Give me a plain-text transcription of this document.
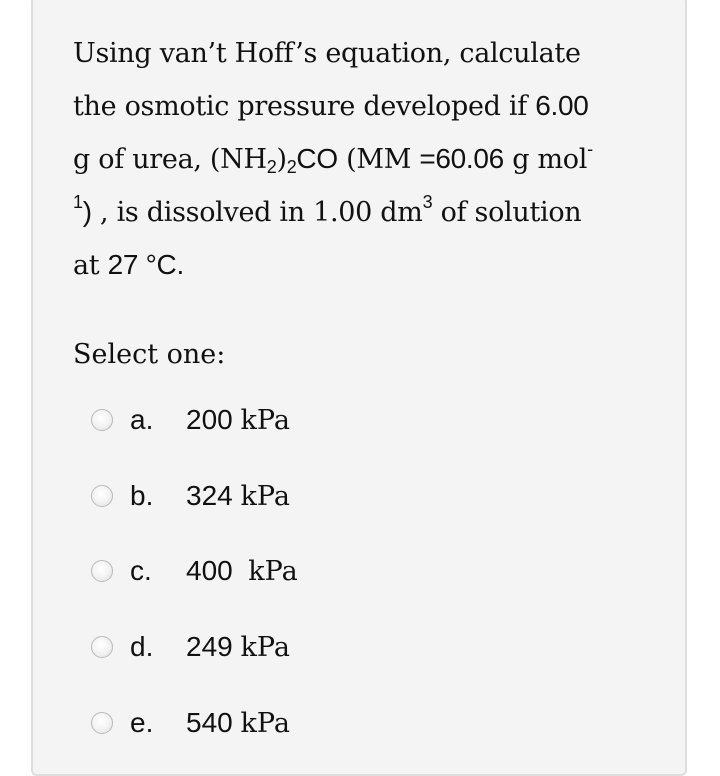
Using van’t Hoff’s equation, calculate
the osmotic pressure developed if 6.00
g of urea, $(NH_2)_2CO$ (MM =60.06 g mol-
$^1$) , is dissolved in 1.00 $dm^3$ of solution
at 27 °C.

Select one:

a.	200 kPa
b.	324 kPa
c.	400  kPa
d.	249 kPa
e.	540 kPa
